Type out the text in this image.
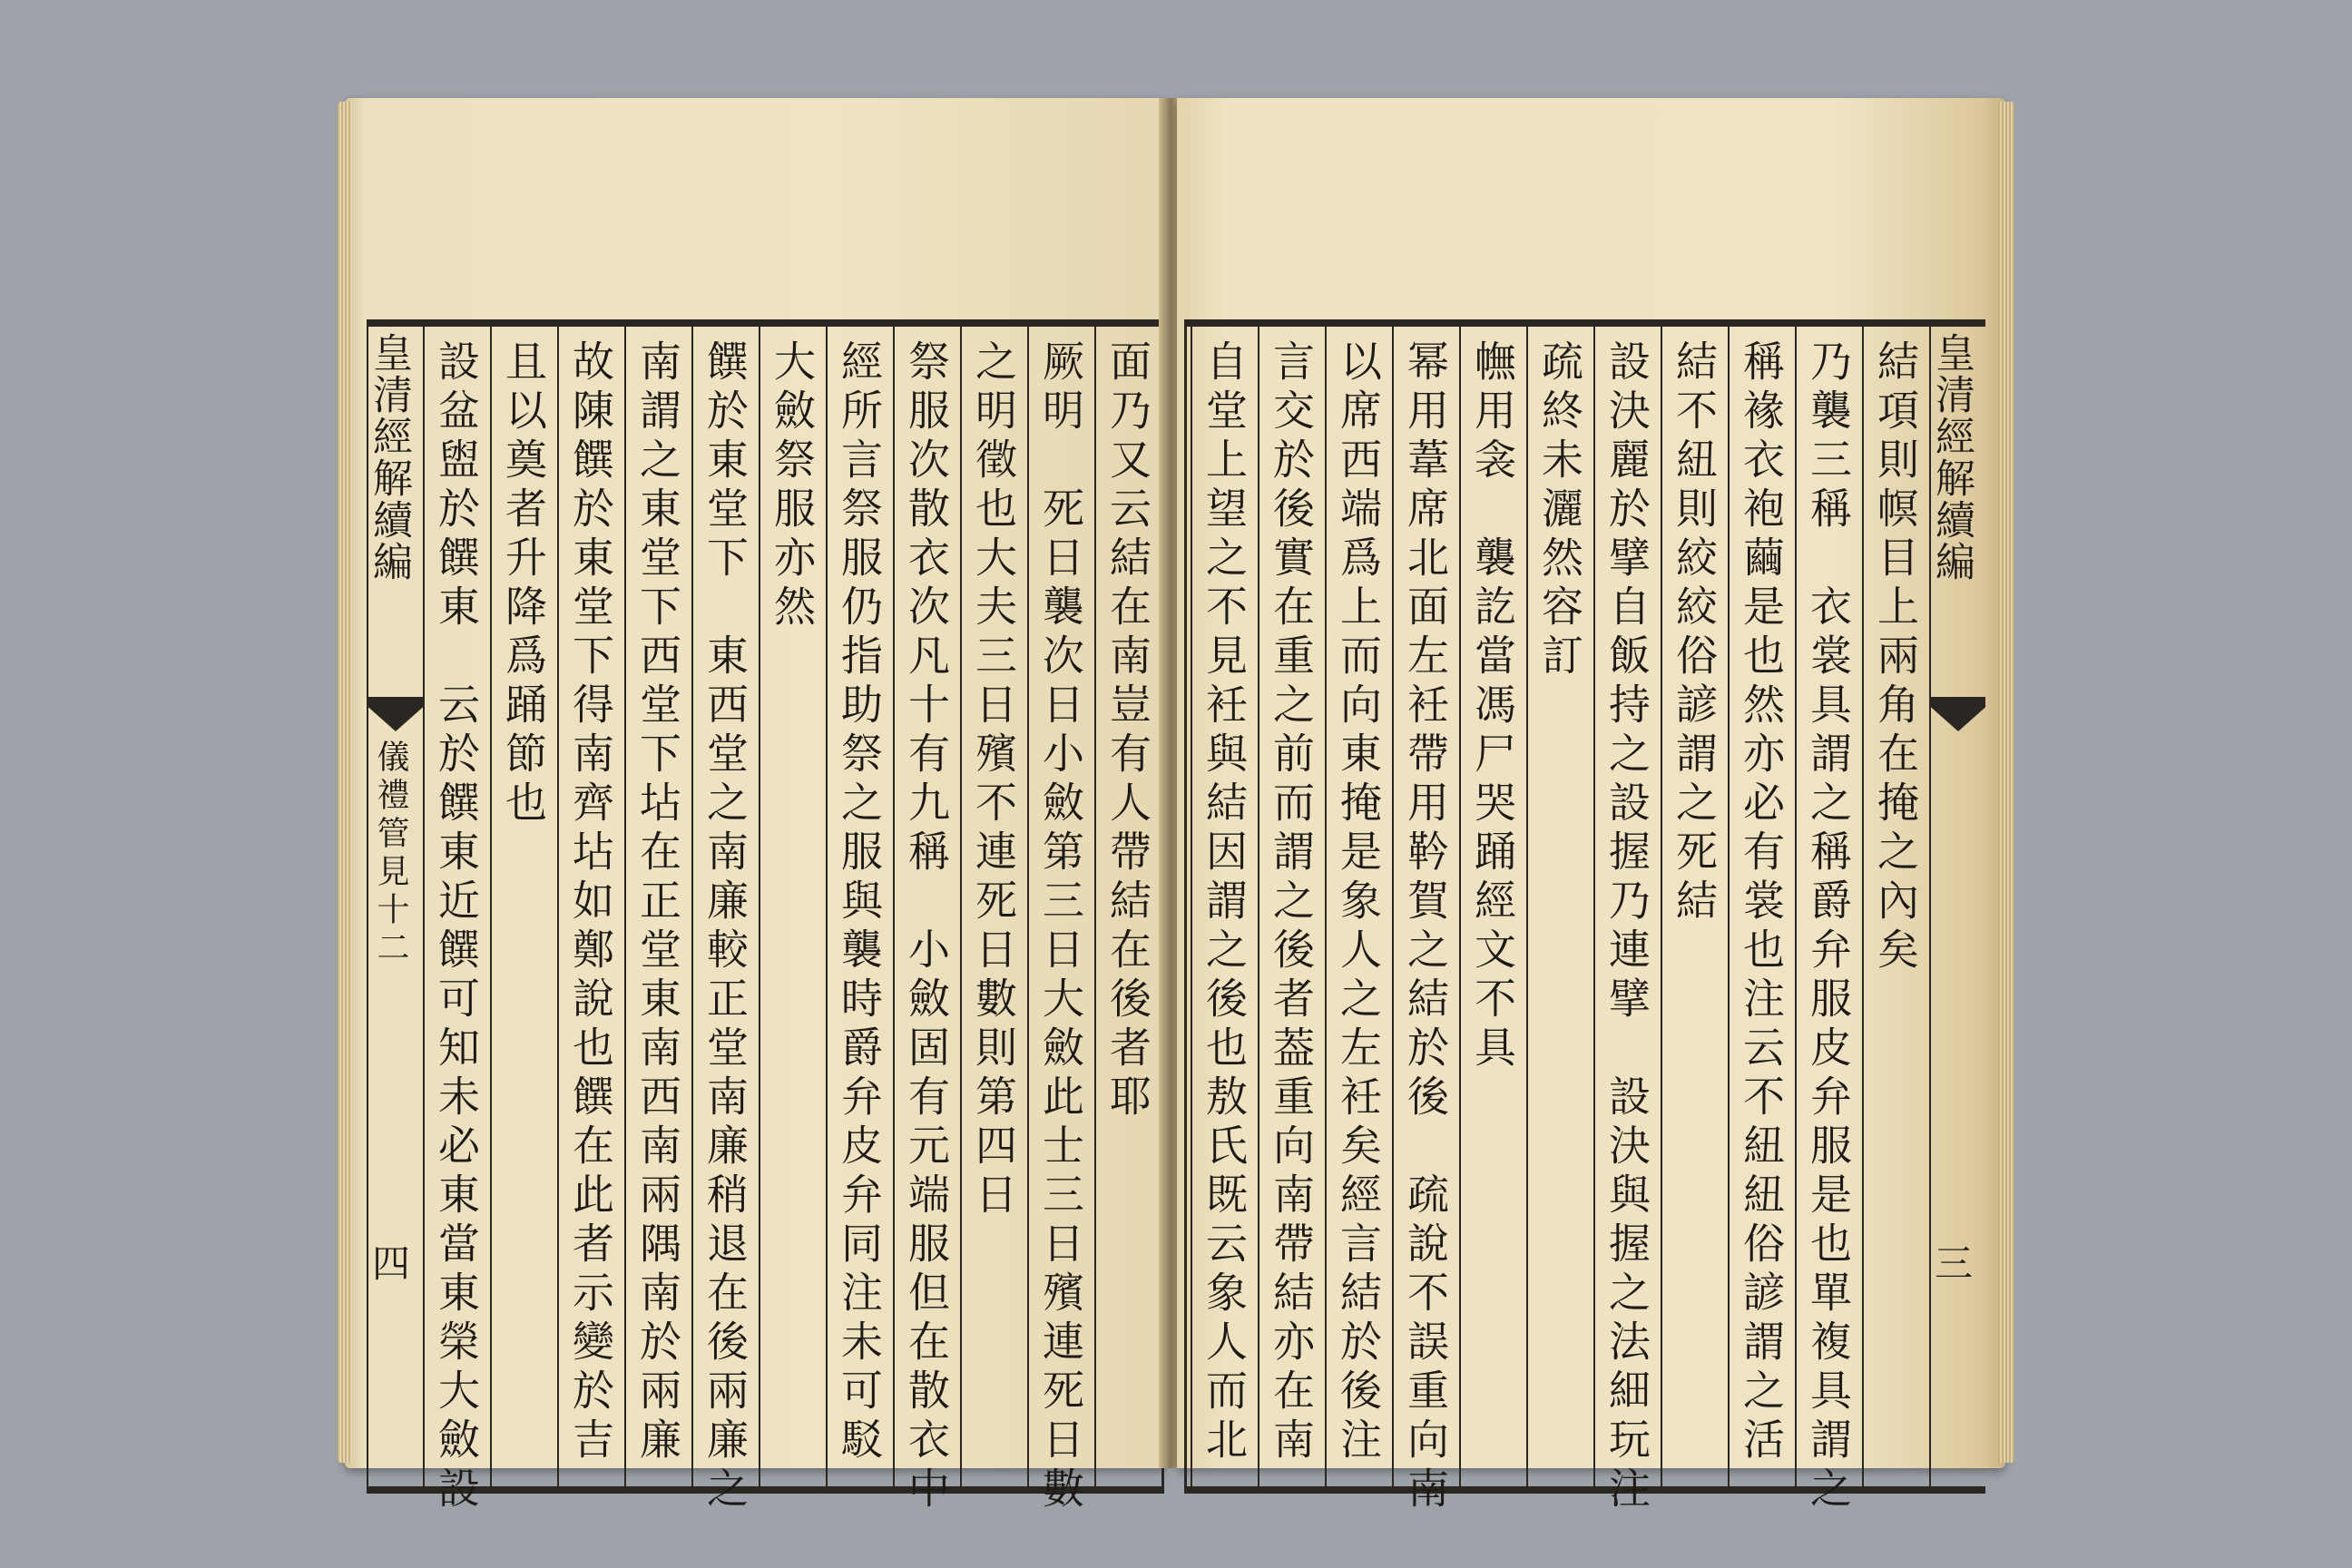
皇清經解續編
儀禮管見十二
四
面乃又云結在南豈有人帶結在後者耶
厥明　死日襲次日小斂第三日大斂此士三日殯連死日數
之明徵也大夫三日殯不連死日數則第四日
祭服次散衣次凡十有九稱　小斂固有元端服但在散衣中
經所言祭服仍指助祭之服與襲時爵弁皮弁同注未可駁
大斂祭服亦然
饌於東堂下　東西堂之南廉較正堂南廉稍退在後兩廉之
南謂之東堂下西堂下坫在正堂東南西南兩隅南於兩廉
故陳饌於東堂下得南齊坫如鄭說也饌在此者示變於吉
且以奠者升降爲踊節也
設盆盥於饌東　云於饌東近饌可知未必東當東榮大斂設	結項則幎目上兩角在掩之內矣
乃襲三稱　衣裳具謂之稱爵弁服皮弁服是也單複具謂之
稱褖衣袍繭是也然亦必有裳也注云不紐紐俗諺謂之活
結不紐則絞絞俗諺謂之死結
設決麗於擘自飯持之設握乃連擘　設決與握之法細玩注
疏終未灑然容訂
幠用衾　襲訖當馮尸哭踊經文不具
幂用葦席北面左衽帶用靲賀之結於後　疏說不誤重向南
以席西端爲上而向東掩是象人之左衽矣經言結於後注
言交於後實在重之前而謂之後者葢重向南帶結亦在南
自堂上望之不見衽與結因謂之後也敖氏既云象人而北	皇清經解續編
三
